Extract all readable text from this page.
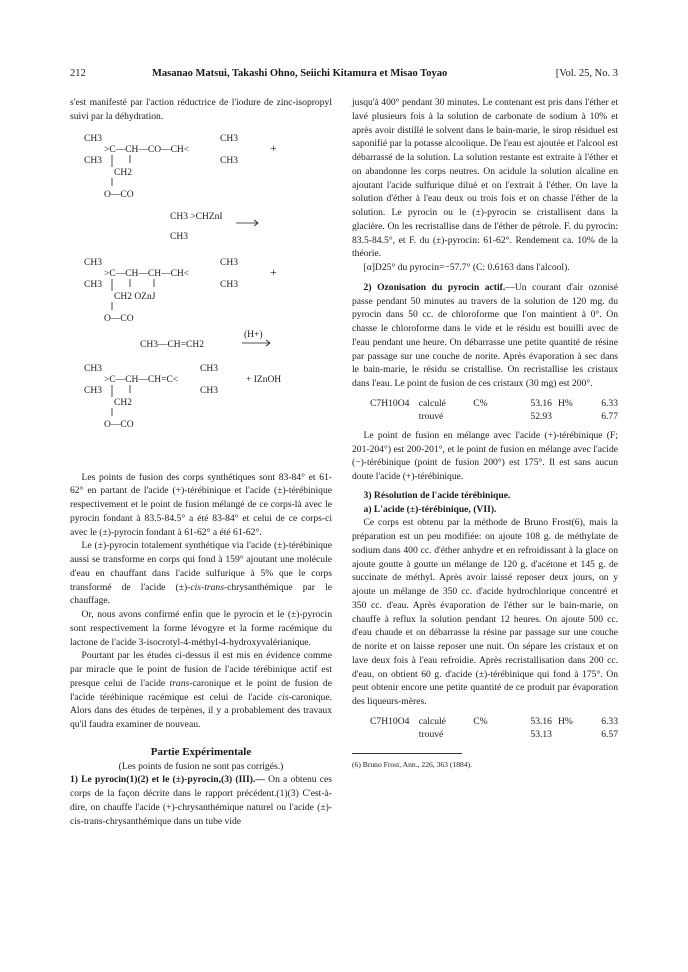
212	Masanao Matsui, Takashi Ohno, Seiichi Kitamura et Misao Toyao	[Vol. 25, No. 3

s'est manifesté par l'action réductrice de l'iodure de zinc-isopropyl suivi par la déhydration.

CH3
CH3
>C—CH—CO—CH<
CH3
CH3
+
CH2
O—CO
CH3 >CHZnI
CH3
CH3
CH3
>C—CH—CH—CH<
CH3
CH3
+
CH2 OZnJ
O—CO
CH3—CH=CH2
(H+)
CH3
CH3
>C—CH—CH=C<
CH3
CH3
+ IZnOH
CH2
O—CO

Les points de fusion des corps synthétiques sont 83-84° et 61-62° en partant de l'acide (+)-térébinique et l'acide (±)-térébinique respectivement et le point de fusion mélangé de ce corps-là avec le pyrocin fondant à 83.5-84.5° a été 83-84° et celui de ce corps-ci avec le (±)-pyrocin fondant à 61-62° a été 61-62°.

Le (±)-pyrocin totalement synthétique via l'acide (±)-térébinique aussi se transforme en corps qui fond à 159° ajoutant une molécule d'eau en chauffant dans l'acide sulfurique à 5% que le corps transformé de l'acide (±)-cis-trans-chrysanthémique par le chauffage.

Or, nous avons confirmé enfin que le pyrocin et le (±)-pyrocin sont respectivement la forme lévogyre et la forme racémique du lactone de l'acide 3-isocrotyl-4-méthyl-4-hydroxyvalérianique.

Pourtant par les études ci-dessus il est mis en évidence comme par miracle que le point de fusion de l'acide térébinique actif est presque celui de l'acide trans-caronique et le point de fusion de l'acide térébinique racémique est celui de l'acide cis-caronique. Alors dans des études de terpènes, il y a probablement des travaux qu'il faudra examiner de nouveau.

Partie Expérimentale

(Les points de fusion ne sont pas corrigés.)

1) Le pyrocin(1)(2) et le (±)-pyrocin,(3) (III).— On a obtenu ces corps de la façon décrite dans le rapport précédent.(1)(3) C'est-à-dire, on chauffe l'acide (+)-chrysanthémique naturel ou l'acide (±)-cis-trans-chrysanthémique dans un tube vide

jusqu'à 400° pendant 30 minutes. Le contenant est pris dans l'éther et lavé plusieurs fois à la solution de carbonate de sodium à 10% et après avoir distillé le solvent dans le bain-marie, le sirop résiduel est saponifié par la potasse alcoolique. De l'eau est ajoutée et l'alcool est débarrassé de la solution. La solution restante est extraite à l'éther et on abandonne les corps neutres. On acidule la solution alcaline en ajoutant l'acide sulfurique dilué et on l'extrait à l'éther. On lave la solution d'éther à l'eau deux ou trois fois et on chasse l'éther de la solution. Le pyrocin ou le (±)-pyrocin se cristallisent dans la glacière. On les recristallise dans de l'éther de pétrole. F. du pyrocin: 83.5-84.5°, et F. du (±)-pyrocin: 61-62°. Rendement ca. 10% de la théorie.

[α]D25° du pyrocin=−57.7° (C: 0.6163 dans l'alcool).

2) Ozonisation du pyrocin actif.—Un courant d'air ozonisé passe pendant 50 minutes au travers de la solution de 120 mg. du pyrocin dans 50 cc. de chloroforme que l'on maintient à 0°. On chasse le chloroforme dans le vide et le résidu est bouilli avec de l'eau pendant une heure. On débarrasse une petite quantité de résine par passage sur une couche de norite. Après évaporation à sec dans le bain-marie, le résidu se cristallise. On recristallise les cristaux dans l'eau. Le point de fusion de ces cristaux (30 mg) est 200°.

C7H10O4 calculé	C%	53.16 H%	6.33
trouvé	52.93	6.77

Le point de fusion en mélange avec l'acide (+)-térébinique (F; 201-204°) est 200-201°, et le point de fusion en mélange avec l'acide (−)-térébinique (point de fusion 200°) est 175°. Il est sans aucun doute l'acide (+)-térébinique.

3) Résolution de l'acide térébinique.

a) L'acide (±)-térébinique, (VII).

Ce corps est obtenu par la méthode de Bruno Frost(6), mais la préparation est un peu modifiée: on ajoute 108 g. de méthylate de sodium dans 400 cc. d'éther anhydre et en refroidissant à la glace on ajoute goutte à goutte un mélange de 120 g. d'acétone et 145 g. de succinate de méthyl. Après avoir laissé reposer deux jours, on y ajoute un mélange de 350 cc. d'acide hydrochlorique concentré et 350 cc. d'eau. Après évaporation de l'éther sur le bain-marie, on chauffe à reflux la solution pendant 12 heures. On ajoute 500 cc. d'eau chaude et on débarrasse la résine par passage sur une couche de norite et on laisse reposer une nuit. On sépare les cristaux et on lave deux fois à l'eau refroidie. Après recristallisation dans 200 cc. d'eau, on obtient 60 g. d'acide (±)-térébinique qui fond à 175°. On peut obtenir encore une petite quantité de ce produit par évaporation des liqueurs-mères.

C7H10O4 calculé	C%	53.16 H%	6.33
trouvé	53.13	6.57

(6) Bruno Frost, Ann., 226, 363 (1884).
